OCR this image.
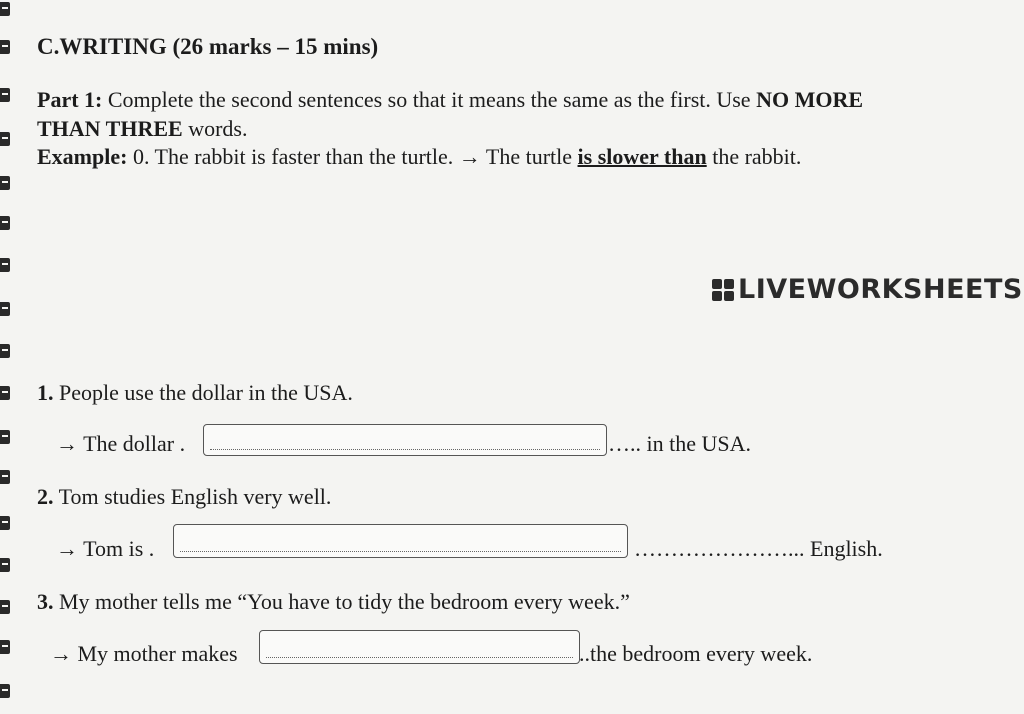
C.WRITING (26 marks – 15 mins)
Part 1: Complete the second sentences so that it means the same as the first. Use NO MORE
THAN THREE words.
Example: 0. The rabbit is faster than the turtle. → The turtle is slower than the rabbit.
LIVEWORKSHEETS
1. People use the dollar in the USA.
→ The dollar .	….. in the USA.
2. Tom studies English very well.
→ Tom is .	…………………... English.
3. My mother tells me “You have to tidy the bedroom every week.”
→ My mother makes	..the bedroom every week.
